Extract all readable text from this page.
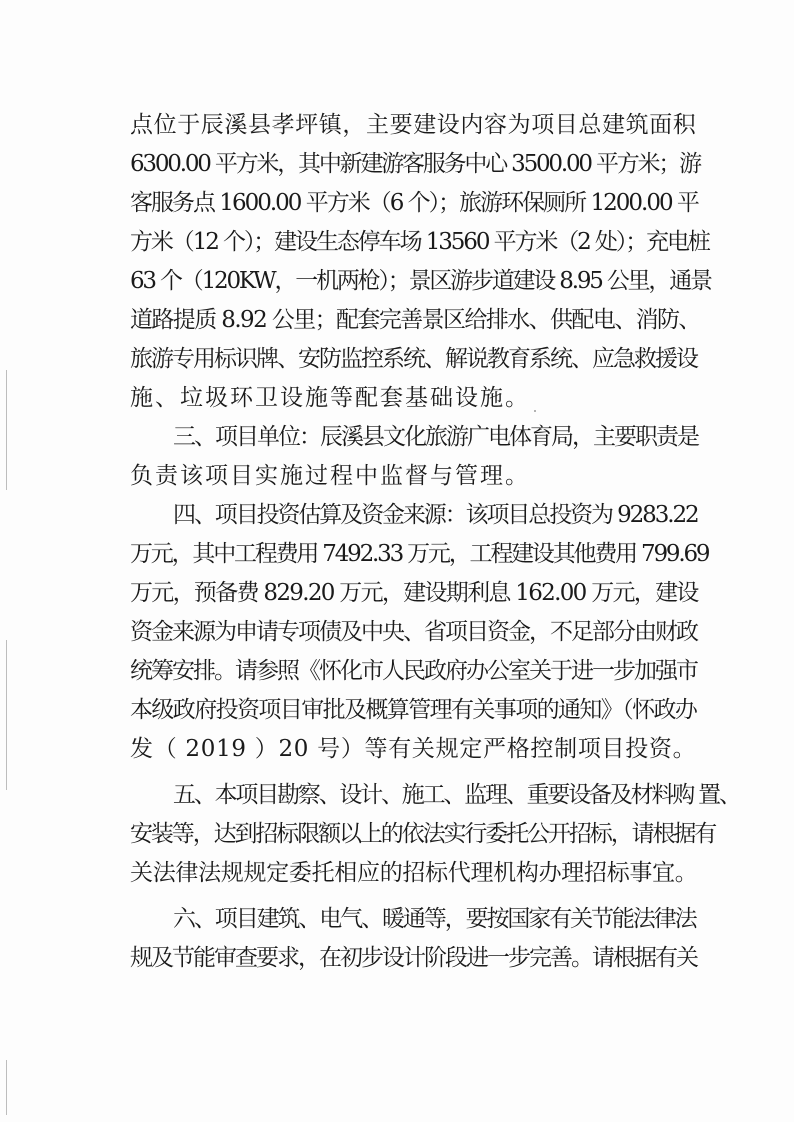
点位于辰溪县孝坪镇，主要建设内容为项目总建筑面积
6300.00 平方米，其中新建游客服务中心 3500.00 平方米；游
客服务点 1600.00 平方米（6 个）；旅游环保厕所 1200.00 平
方米（12 个）；建设生态停车场 13560 平方米（2 处）；充电桩
63 个（120KW，一机两枪）；景区游步道建设 8.95 公里，通景
道路提质 8.92 公里；配套完善景区给排水、供配电、消防、
旅游专用标识牌、安防监控系统、解说教育系统、应急救援设
施、垃圾环卫设施等配套基础设施。
三、项目单位：辰溪县文化旅游广电体育局，主要职责是
负责该项目实施过程中监督与管理。
四、项目投资估算及资金来源：该项目总投资为 9283.22
万元，其中工程费用 7492.33 万元，工程建设其他费用 799.69
万元，预备费 829.20 万元，建设期利息 162.00 万元，建设
资金来源为申请专项债及中央、省项目资金，不足部分由财政
统筹安排。请参照《怀化市人民政府办公室关于进一步加强市
本级政府投资项目审批及概算管理有关事项的通知》（怀政办
发（ 2019 ）20 号）等有关规定严格控制项目投资。
五、本项目勘察、设计、施工、监理、重要设备及材料购 置、
安装等，达到招标限额以上的依法实行委托公开招标，请根据有
关法律法规规定委托相应的招标代理机构办理招标事宜。
六、项目建筑、电气、暖通等，要按国家有关节能法律法
规及节能审查要求，在初步设计阶段进一步完善。请根据有关
